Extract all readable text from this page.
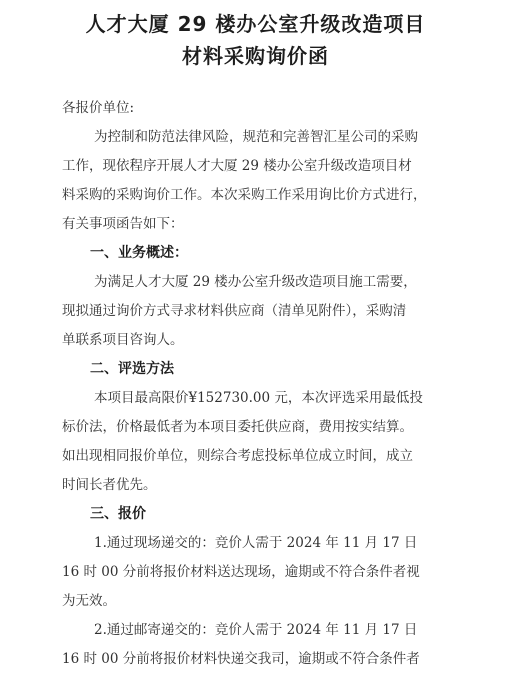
人才大厦 29 楼办公室升级改造项目
材料采购询价函
各报价单位:
为控制和防范法律风险，规范和完善智汇星公司的采购
工作，现依程序开展人才大厦 29 楼办公室升级改造项目材
料采购的采购询价工作。本次采购工作采用询比价方式进行，
有关事项函告如下：
一、业务概述：
为满足人才大厦 29 楼办公室升级改造项目施工需要，
现拟通过询价方式寻求材料供应商（清单见附件），采购清
单联系项目咨询人。
二、评选方法
本项目最高限价¥152730.00 元，本次评选采用最低投
标价法，价格最低者为本项目委托供应商，费用按实结算。
如出现相同报价单位，则综合考虑投标单位成立时间，成立
时间长者优先。
三、报价
1.通过现场递交的：竞价人需于 2024 年 11 月 17 日
16 时 00 分前将报价材料送达现场，逾期或不符合条件者视
为无效。
2.通过邮寄递交的：竞价人需于 2024 年 11 月 17 日
16 时 00 分前将报价材料快递交我司，逾期或不符合条件者
